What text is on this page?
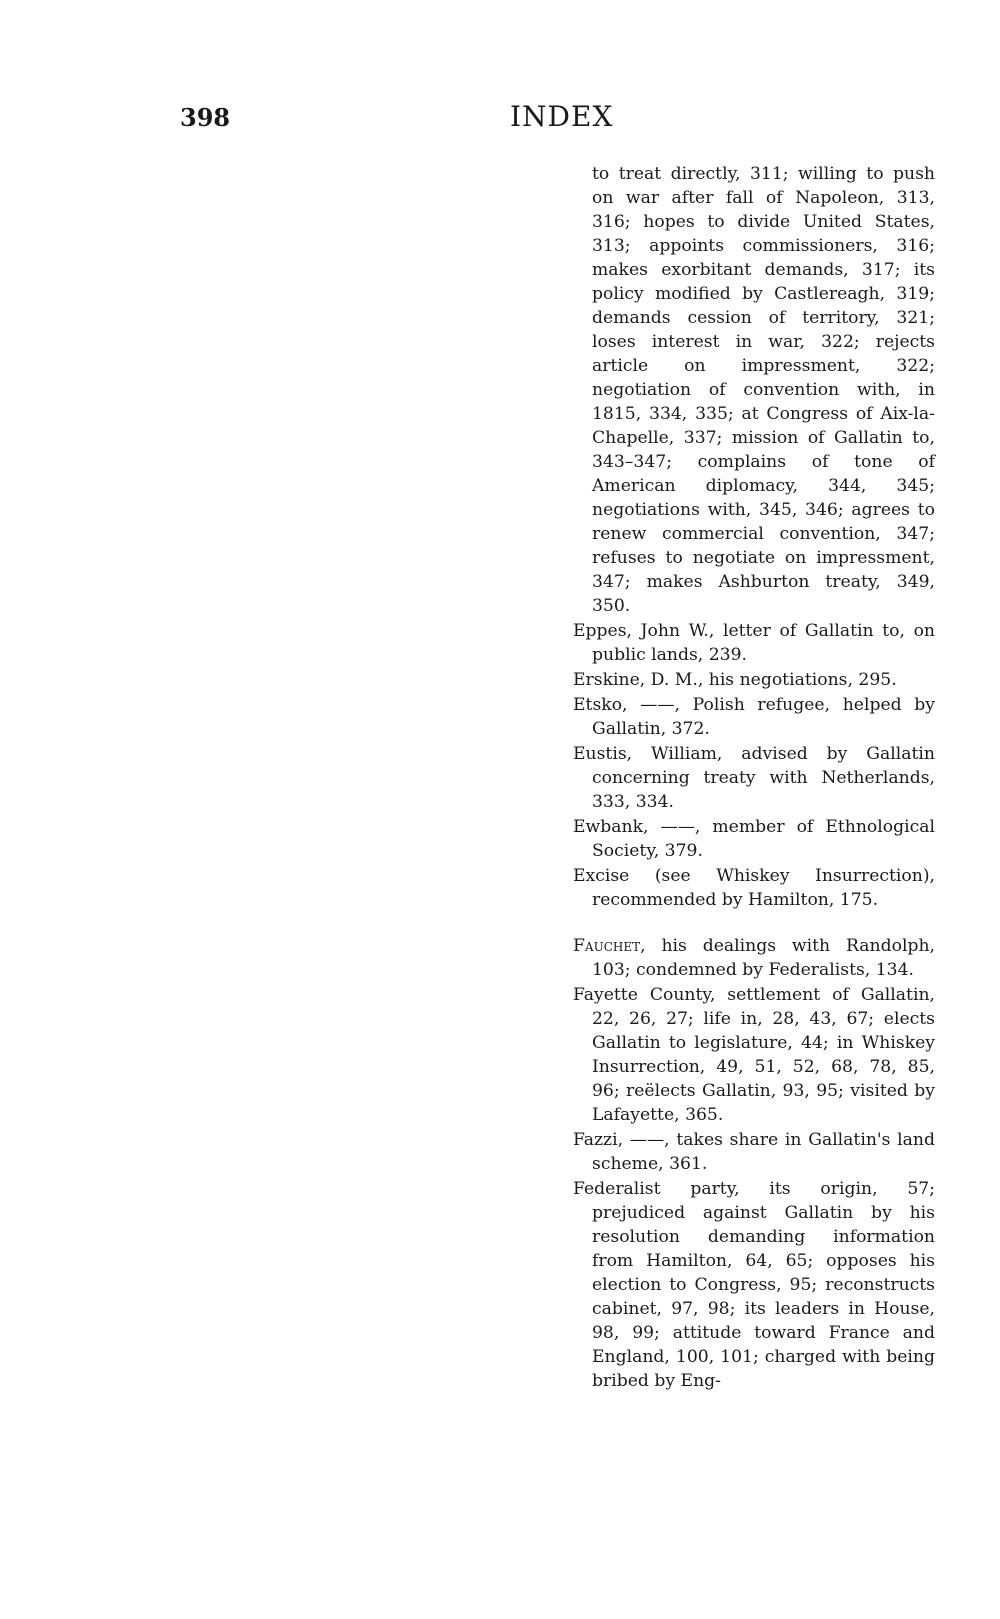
398	INDEX

to treat directly, 311; willing to push on war after fall of Napoleon, 313, 316; hopes to divide United States, 313; appoints commissioners, 316; makes exorbitant demands, 317; its policy modified by Castlereagh, 319; demands cession of territory, 321; loses interest in war, 322; rejects article on impressment, 322; negotiation of convention with, in 1815, 334, 335; at Congress of Aix-la-Chapelle, 337; mission of Gallatin to, 343–347; complains of tone of American diplomacy, 344, 345; negotiations with, 345, 346; agrees to renew commercial convention, 347; refuses to negotiate on impressment, 347; makes Ashburton treaty, 349, 350.

Eppes, John W., letter of Gallatin to, on public lands, 239.

Erskine, D. M., his negotiations, 295.

Etsko, ——, Polish refugee, helped by Gallatin, 372.

Eustis, William, advised by Gallatin concerning treaty with Netherlands, 333, 334.

Ewbank, ——, member of Ethnological Society, 379.

Excise (see Whiskey Insurrection), recommended by Hamilton, 175.

Fauchet, his dealings with Randolph, 103; condemned by Federalists, 134.

Fayette County, settlement of Gallatin, 22, 26, 27; life in, 28, 43, 67; elects Gallatin to legislature, 44; in Whiskey Insurrection, 49, 51, 52, 68, 78, 85, 96; reëlects Gallatin, 93, 95; visited by Lafayette, 365.

Fazzi, ——, takes share in Gallatin's land scheme, 361.

Federalist party, its origin, 57; prejudiced against Gallatin by his resolution demanding information from Hamilton, 64, 65; opposes his election to Congress, 95; reconstructs cabinet, 97, 98; its leaders in House, 98, 99; attitude toward France and England, 100, 101; charged with being bribed by Eng-
